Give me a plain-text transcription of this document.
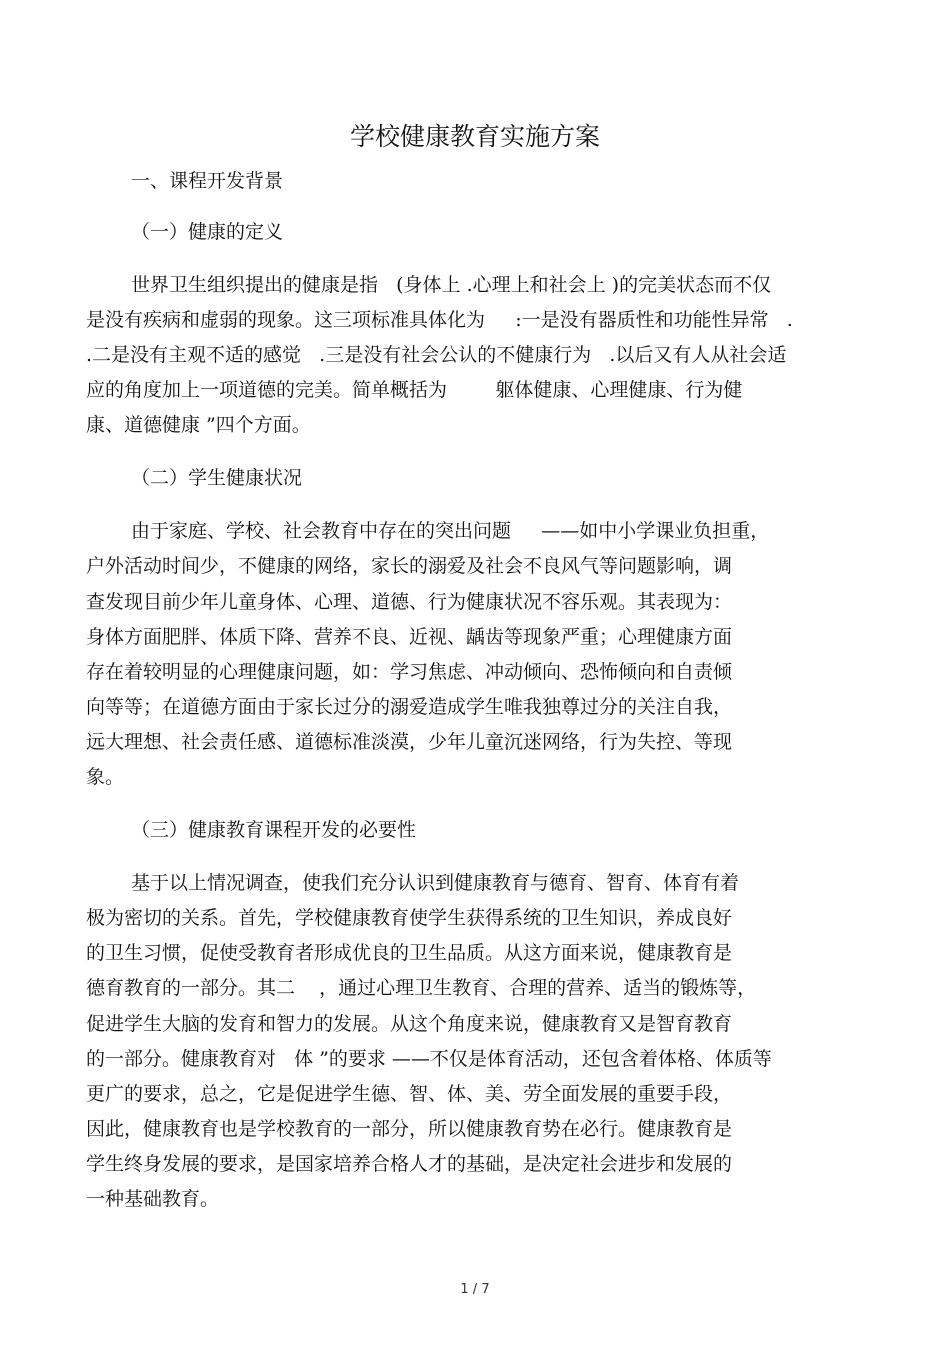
学校健康教育实施方案

一、课程开发背景

（一）健康的定义

世界卫生组织提出的健康是指   (身体上 .心理上和社会上 )的完美状态而不仅

是没有疾病和虚弱的现象。这三项标准具体化为     :一是没有器质性和功能性异常   .

.二是没有主观不适的感觉   .三是没有社会公认的不健康行为   .以后又有人从社会适

应的角度加上一项道德的完美。简单概括为        躯体健康、心理健康、行为健

康、道德健康 ”四个方面。

（二）学生健康状况

由于家庭、学校、社会教育中存在的突出问题     ——如中小学课业负担重，

户外活动时间少，不健康的网络，家长的溺爱及社会不良风气等问题影响，调

查发现目前少年儿童身体、心理、道德、行为健康状况不容乐观。其表现为：

身体方面肥胖、体质下降、营养不良、近视、龋齿等现象严重；心理健康方面

存在着较明显的心理健康问题，如：学习焦虑、冲动倾向、恐怖倾向和自责倾

向等等；在道德方面由于家长过分的溺爱造成学生唯我独尊过分的关注自我，

远大理想、社会责任感、道德标准淡漠，少年儿童沉迷网络，行为失控、等现

象。

（三）健康教育课程开发的必要性

基于以上情况调查，使我们充分认识到健康教育与德育、智育、体育有着

极为密切的关系。首先，学校健康教育使学生获得系统的卫生知识，养成良好

的卫生习惯，促使受教育者形成优良的卫生品质。从这方面来说，健康教育是

德育教育的一部分。其二    ，通过心理卫生教育、合理的营养、适当的锻炼等，

促进学生大脑的发育和智力的发展。从这个角度来说，健康教育又是智育教育

的一部分。健康教育对   体 ”的要求 ——不仅是体育活动，还包含着体格、体质等

更广的要求，总之，它是促进学生德、智、体、美、劳全面发展的重要手段，

因此，健康教育也是学校教育的一部分，所以健康教育势在必行。健康教育是

学生终身发展的要求，是国家培养合格人才的基础，是决定社会进步和发展的

一种基础教育。

1 / 7
